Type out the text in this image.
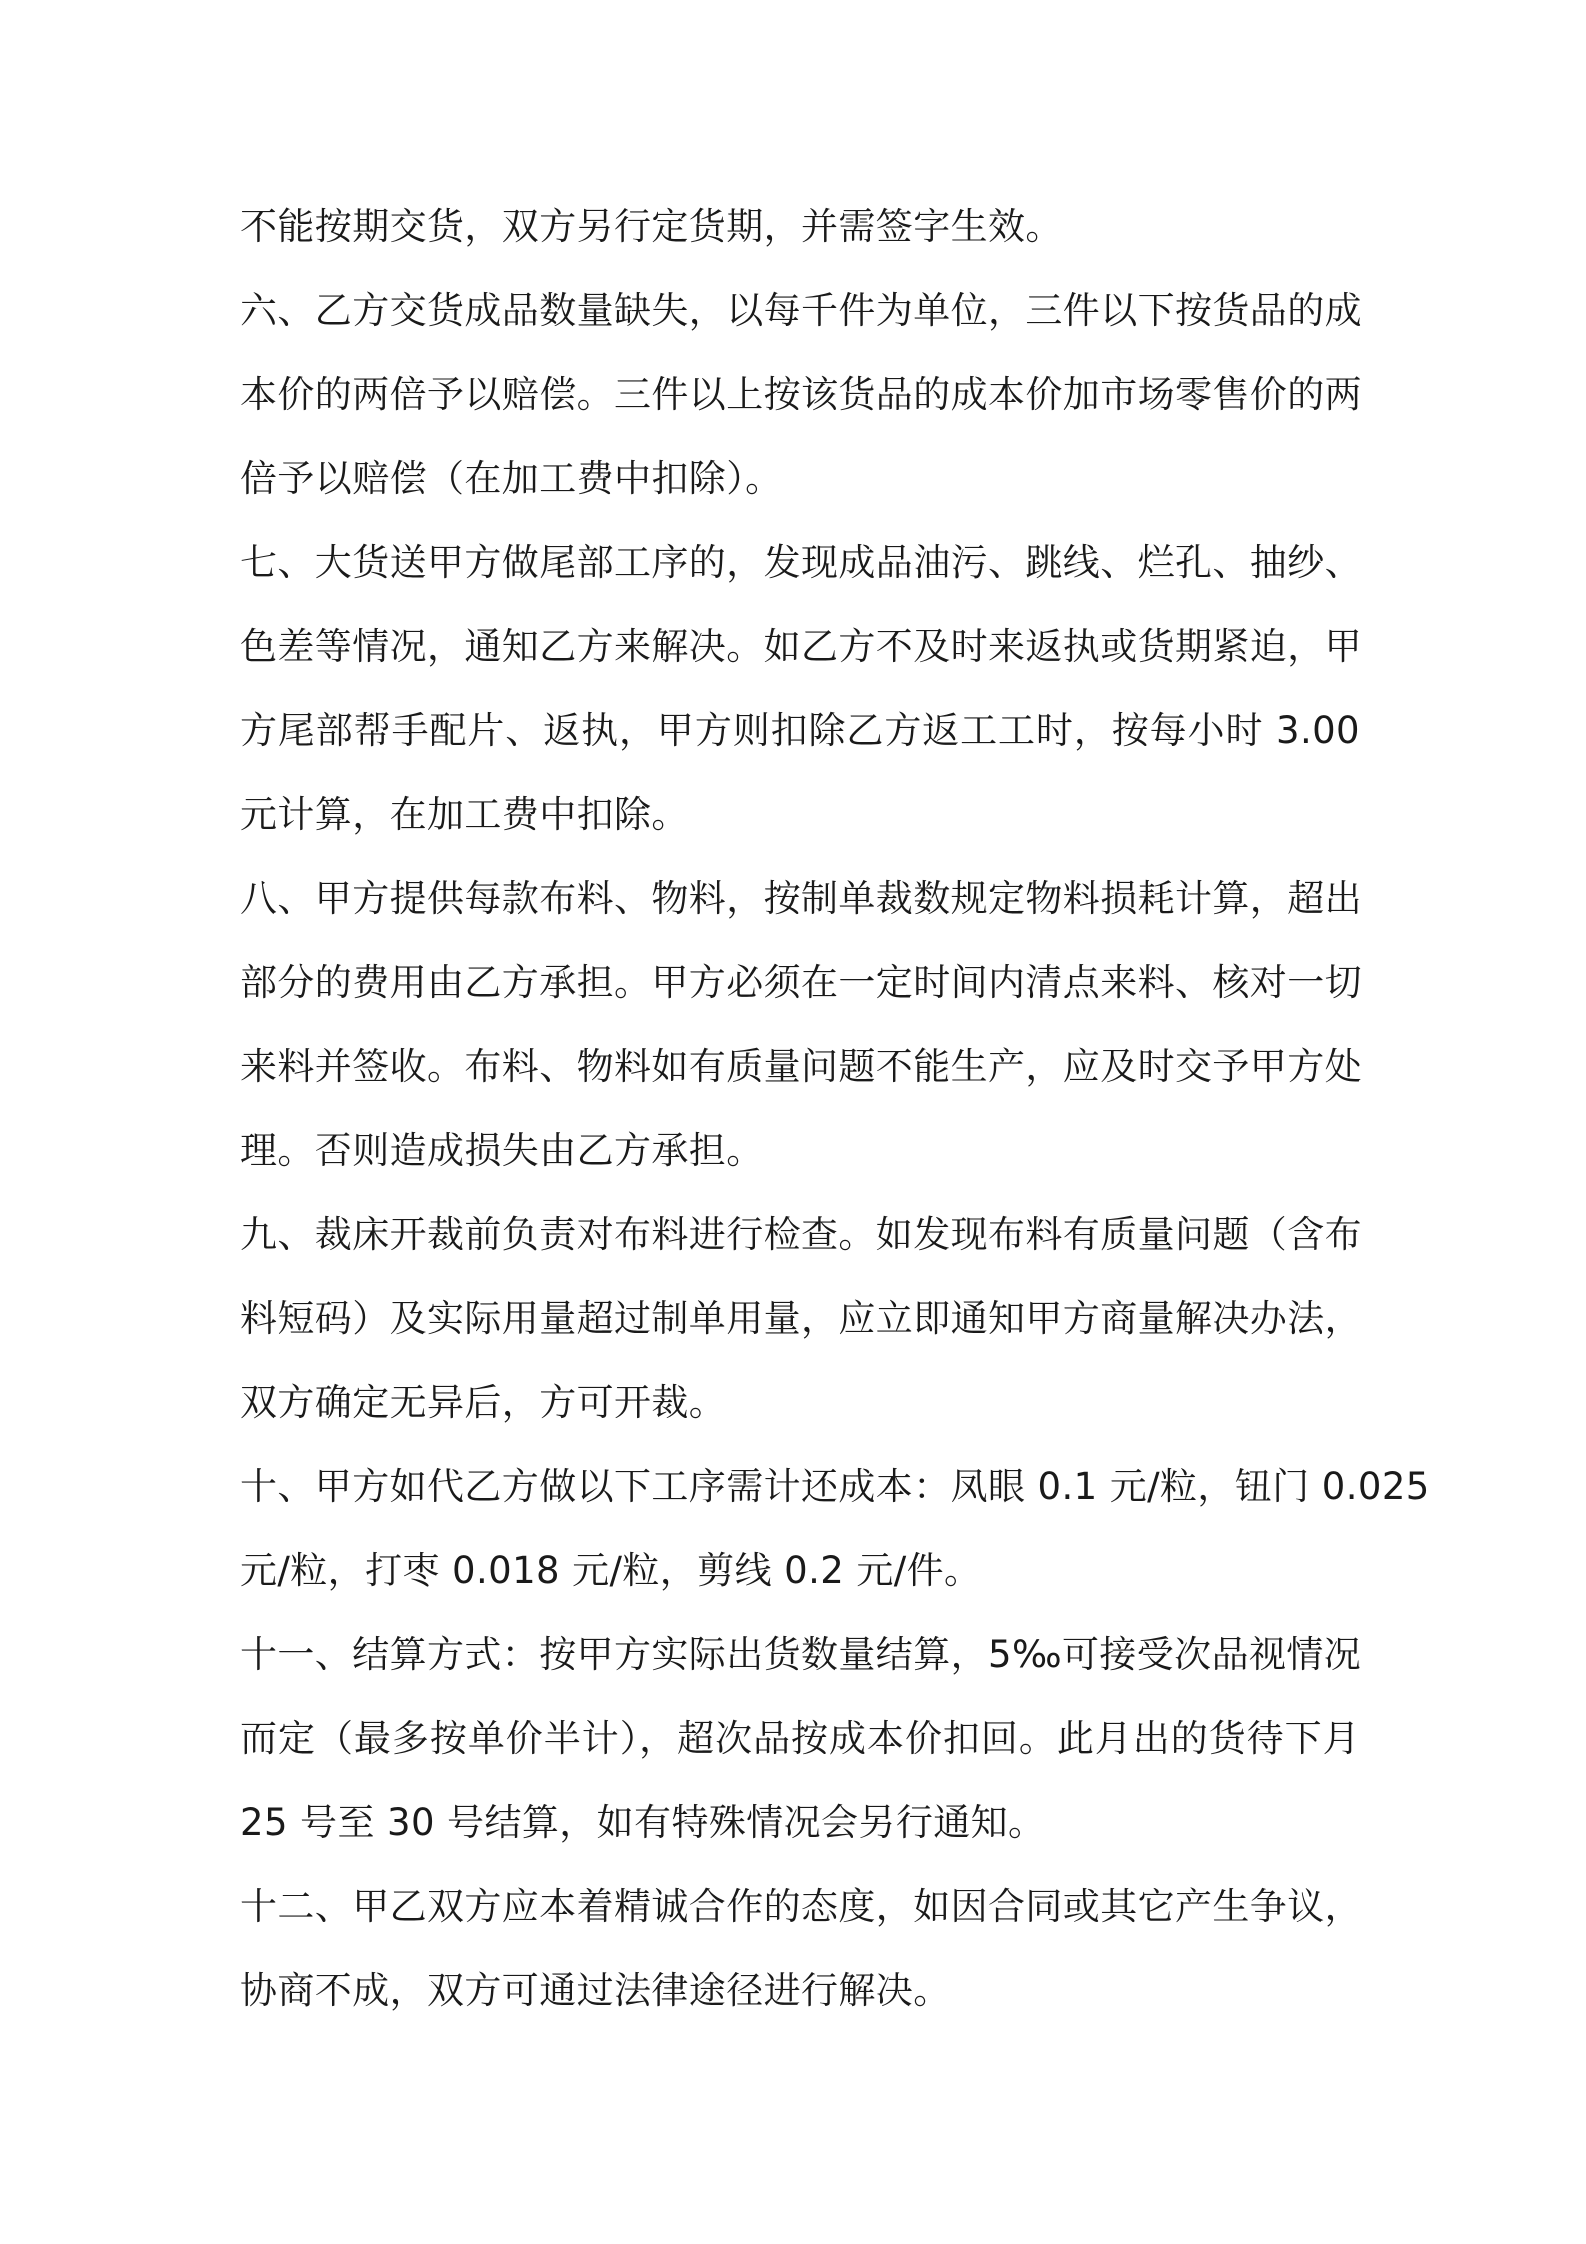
不能按期交货，双方另行定货期，并需签字生效。
六、乙方交货成品数量缺失，以每千件为单位，三件以下按货品的成
本价的两倍予以赔偿。三件以上按该货品的成本价加市场零售价的两
倍予以赔偿（在加工费中扣除）。
七、大货送甲方做尾部工序的，发现成品油污、跳线、烂孔、抽纱、
色差等情况，通知乙方来解决。如乙方不及时来返执或货期紧迫，甲
方尾部帮手配片、返执，甲方则扣除乙方返工工时，按每小时 3.00
元计算，在加工费中扣除。
八、甲方提供每款布料、物料，按制单裁数规定物料损耗计算，超出
部分的费用由乙方承担。甲方必须在一定时间内清点来料、核对一切
来料并签收。布料、物料如有质量问题不能生产，应及时交予甲方处
理。否则造成损失由乙方承担。
九、裁床开裁前负责对布料进行检查。如发现布料有质量问题（含布
料短码）及实际用量超过制单用量，应立即通知甲方商量解决办法，
双方确定无异后，方可开裁。
十、甲方如代乙方做以下工序需计还成本：凤眼 0.1 元/粒，钮门 0.025
元/粒，打枣 0.018 元/粒，剪线 0.2 元/件。
十一、结算方式：按甲方实际出货数量结算，5‰可接受次品视情况
而定（最多按单价半计），超次品按成本价扣回。此月出的货待下月
25 号至 30 号结算，如有特殊情况会另行通知。
十二、甲乙双方应本着精诚合作的态度，如因合同或其它产生争议，
协商不成，双方可通过法律途径进行解决。
